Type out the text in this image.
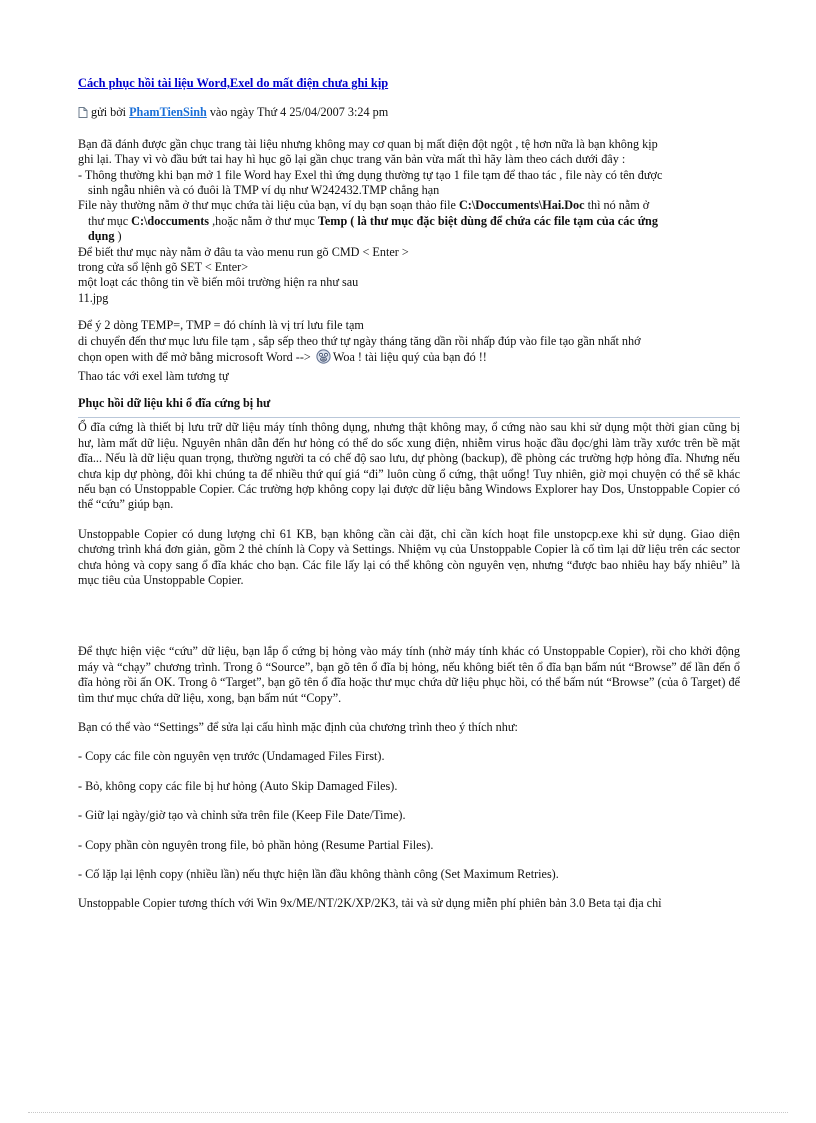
Cách phục hồi tài liệu Word,Exel do mất điện chưa ghi kịp

gửi bởi PhamTienSinh vào ngày Thứ 4 25/04/2007 3:24 pm

Bạn đã đánh được gần chục trang tài liệu nhưng không may cơ quan bị mất điện đột ngột , tệ hơn nữa là bạn không kịp
ghi lại. Thay vì vò đầu bứt tai hay hì hục gõ lại gần chục trang văn bản vừa mất thì hãy làm theo cách dưới đây :
- Thông thường khi bạn mở 1 file Word hay Exel thì ứng dụng thường tự tạo 1 file tạm để thao tác , file này có tên được
sinh ngẫu nhiên và có đuôi là TMP ví dụ như W242432.TMP chẳng hạn
File này thường nằm ở thư mục chứa tài liệu của bạn, ví dụ bạn soạn thảo file C:\Doccuments\Hai.Doc thì nó nằm ở
thư mục C:\doccuments ,hoặc nằm ở thư mục Temp ( là thư mục đặc biệt dùng để chứa các file tạm của các ứng
dụng )
Để biết thư mục này nằm ở đâu ta vào menu run gõ CMD < Enter >
trong cửa sổ lệnh gõ SET < Enter>
một loạt các thông tin về biến môi trường hiện ra như sau
11.jpg
Để ý 2 dòng TEMP=, TMP = đó chính là vị trí lưu file tạm
di chuyển đến thư mục lưu file tạm , sắp sếp theo thứ tự ngày tháng tăng dần rồi nhấp đúp vào file tạo gần nhất nhớ
chọn open with để mở bằng microsoft Word --> Woa ! tài liệu quý của bạn đó !!
Thao tác với exel làm tương tự

Phục hồi dữ liệu khi ổ đĩa cứng bị hư

Ổ đĩa cứng là thiết bị lưu trữ dữ liệu máy tính thông dụng, nhưng thật không may, ổ cứng nào sau khi sử dụng một thời gian cũng bị hư, làm mất dữ liệu. Nguyên nhân dẫn đến hư hỏng có thể do sốc xung điện, nhiễm virus hoặc đầu đọc/ghi làm trầy xước trên bề mặt đĩa... Nếu là dữ liệu quan trọng, thường người ta có chế độ sao lưu, dự phòng (backup), đề phòng các trường hợp hỏng đĩa. Nhưng nếu chưa kịp dự phòng, đôi khi chúng ta để nhiều thứ quí giá “đi” luôn cùng ổ cứng, thật uổng! Tuy nhiên, giờ mọi chuyện có thể sẽ khác nếu bạn có Unstoppable Copier. Các trường hợp không copy lại được dữ liệu bằng Windows Explorer hay Dos, Unstoppable Copier có thể “cứu” giúp bạn.

Unstoppable Copier có dung lượng chỉ 61 KB, bạn không cần cài đặt, chỉ cần kích hoạt file unstopcp.exe khi sử dụng. Giao diện chương trình khá đơn giản, gồm 2 thẻ chính là Copy và Settings. Nhiệm vụ của Unstoppable Copier là cố tìm lại dữ liệu trên các sector chưa hỏng và copy sang ổ đĩa khác cho bạn. Các file lấy lại có thể không còn nguyên vẹn, nhưng “được bao nhiêu hay bấy nhiêu” là mục tiêu của Unstoppable Copier.

Để thực hiện việc “cứu” dữ liệu, bạn lắp ổ cứng bị hỏng vào máy tính (nhờ máy tính khác có Unstoppable Copier), rồi cho khởi động máy và “chạy” chương trình. Trong ô “Source”, bạn gõ tên ổ đĩa bị hỏng, nếu không biết tên ổ đĩa bạn bấm nút “Browse” để lần đến ổ đĩa hỏng rồi ấn OK. Trong ô “Target”, bạn gõ tên ổ đĩa hoặc thư mục chứa dữ liệu phục hồi, có thể bấm nút “Browse” (của ô Target) để tìm thư mục chứa dữ liệu, xong, bạn bấm nút “Copy”.

Bạn có thể vào “Settings” để sửa lại cấu hình mặc định của chương trình theo ý thích như:

- Copy các file còn nguyên vẹn trước (Undamaged Files First).

- Bỏ, không copy các file bị hư hỏng (Auto Skip Damaged Files).

- Giữ lại ngày/giờ tạo và chỉnh sửa trên file (Keep File Date/Time).

- Copy phần còn nguyên trong file, bỏ phần hỏng (Resume Partial Files).

- Cố lặp lại lệnh copy (nhiều lần) nếu thực hiện lần đầu không thành công (Set Maximum Retries).

Unstoppable Copier tương thích với Win 9x/ME/NT/2K/XP/2K3, tải và sử dụng miễn phí phiên bản 3.0 Beta tại địa chỉ
